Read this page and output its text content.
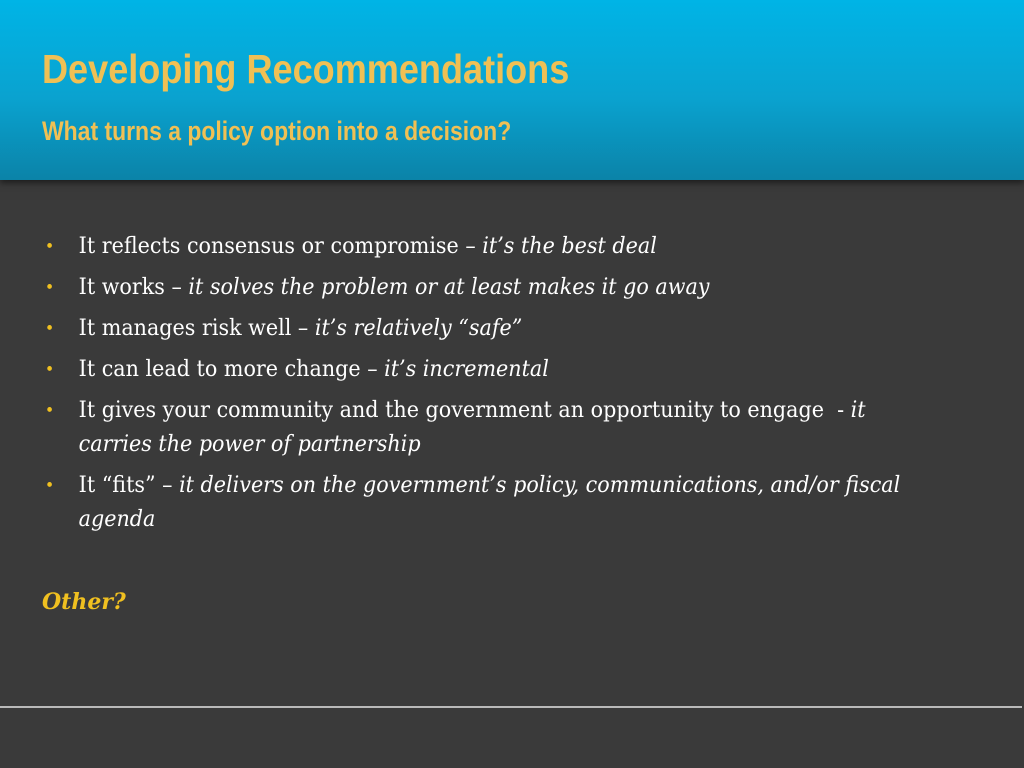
Developing Recommendations
What turns a policy option into a decision?
• It reflects consensus or compromise – it’s the best deal
• It works – it solves the problem or at least makes it go away
• It manages risk well – it’s relatively “safe”
• It can lead to more change – it’s incremental
• It gives your community and the government an opportunity to engage  - it carries the power of partnership
• It “fits” – it delivers on the government’s policy, communications, and/or fiscal agenda

Other?
